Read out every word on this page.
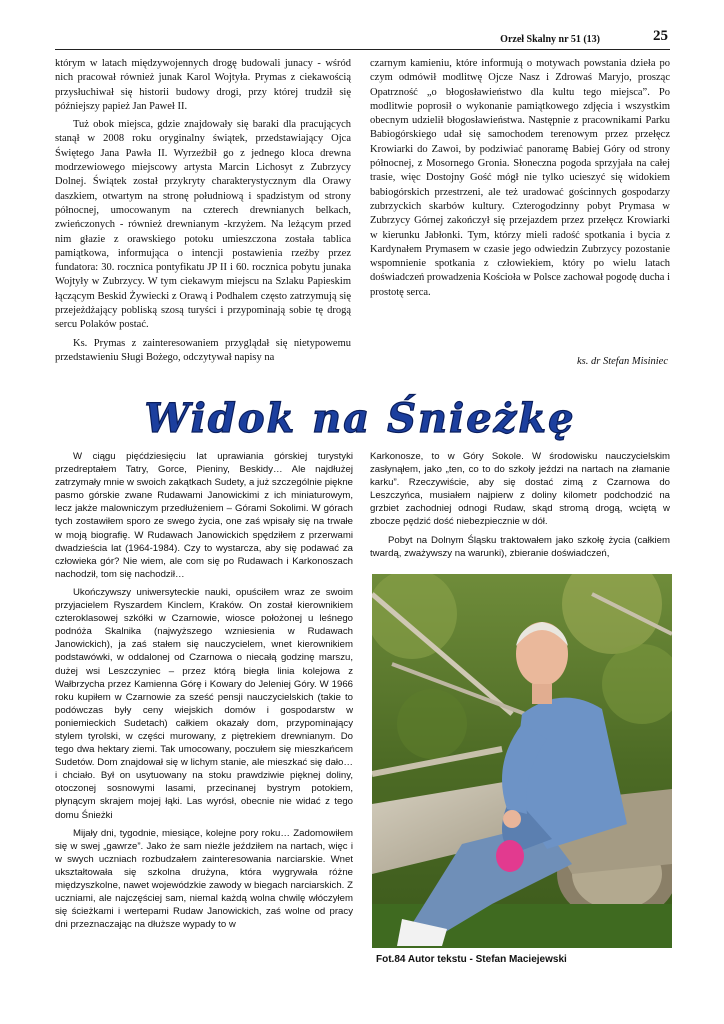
Orzeł Skalny nr 51 (13)	25

którym w latach międzywojennych drogę budowali junacy - wśród nich pracował również junak Karol Wojtyła. Prymas z ciekawością przysłuchiwał się historii budowy drogi, przy której trudził się późniejszy papież Jan Paweł II.

Tuż obok miejsca, gdzie znajdowały się baraki dla pracujących stanął w 2008 roku oryginalny świątek, przedstawiający Ojca Świętego Jana Pawła II. Wyrzeźbił go z jednego kloca drewna modrzewiowego miejscowy artysta Marcin Lichosyt z Zubrzycy Dolnej. Świątek został przykryty charakterystycznym dla Orawy daszkiem, otwartym na stronę południową i spadzistym od strony północnej, umocowanym na czterech drewnianych belkach, zwieńczonych - również drewnianym -krzyżem. Na leżącym przed nim głazie z orawskiego potoku umieszczona została tablica pamiątkowa, informująca o intencji postawienia rzeźby przez fundatora: 30. rocznica pontyfikatu JP II i 60. rocznica pobytu junaka Wojtyły w Zubrzycy. W tym ciekawym miejscu na Szlaku Papieskim łączącym Beskid Żywiecki z Orawą i Podhalem często zatrzymują się przejeżdżający pobliską szosą turyści i przypominają sobie tę drogą sercu Polaków postać.

Ks. Prymas z zainteresowaniem przyglądał się nietypowemu przedstawieniu Sługi Bożego, odczytywał napisy na

czarnym kamieniu, które informują o motywach powstania dzieła po czym odmówił modlitwę Ojcze Nasz i Zdrowaś Maryjo, prosząc Opatrzność „o błogosławieństwo dla kultu tego miejsca”. Po modlitwie poprosił o wykonanie pamiątkowego zdjęcia i wszystkim obecnym udzielił błogosławieństwa. Następnie z pracownikami Parku Babiogórskiego udał się samochodem terenowym przez przełęcz Krowiarki do Zawoi, by podziwiać panoramę Babiej Góry od strony północnej, z Mosornego Gronia. Słoneczna pogoda sprzyjała na całej trasie, więc Dostojny Gość mógł nie tylko ucieszyć się widokiem babiogórskich przestrzeni, ale też uradować gościnnych gospodarzy zubrzyckich skarbów kultury. Czterogodzinny pobyt Prymasa w Zubrzycy Górnej zakończył się przejazdem przez przełęcz Krowiarki w kierunku Jabłonki. Tym, którzy mieli radość spotkania i bycia z Kardynałem Prymasem w czasie jego odwiedzin Zubrzycy pozostanie wspomnienie spotkania z człowiekiem, który po wielu latach doświadczeń prowadzenia Kościoła w Polsce zachował pogodę ducha i prostotę serca.

ks. dr Stefan Misiniec
Widok na Śnieżkę

W ciągu pięćdziesięciu lat uprawiania górskiej turystyki przedreptałem Tatry, Gorce, Pieniny, Beskidy… Ale najdłużej zatrzymały mnie w swoich zakątkach Sudety, a już szczególnie piękne pasmo górskie zwane Rudawami Janowickimi z ich miniaturowym, lecz jakże malowniczym przedłużeniem – Górami Sokolimi. W górach tych zostawiłem sporo ze swego życia, one zaś wpisały się na trwałe w moją biografię. W Rudawach Janowickich spędziłem z przerwami dwadzieścia lat (1964-1984). Czy to wystarcza, aby się podawać za człowieka gór? Nie wiem, ale com się po Rudawach i Karkonoszach nachodził, tom się nachodził…

Ukończywszy uniwersyteckie nauki, opuściłem wraz ze swoim przyjacielem Ryszardem Kinclem, Kraków. On został kierownikiem czteroklasowej szkółki w Czarnowie, wiosce położonej u leśnego podnóża Skalnika (najwyższego wzniesienia w Rudawach Janowickich), ja zaś stałem się nauczycielem, wnet kierownikiem podstawówki, w oddalonej od Czarnowa o niecałą godzinę marszu, dużej wsi Leszczyniec – przez którą biegła linia kolejowa z Wałbrzycha przez Kamienna Górę i Kowary do Jeleniej Góry. W 1966 roku kupiłem w Czarnowie za sześć pensji nauczycielskich (takie to podówczas były ceny wiejskich domów i gospodarstw w poniemieckich Sudetach) całkiem okazały dom, przypominający stylem tyrolski, w części murowany, z piętrekiem drewnianym. Do tego dwa hektary ziemi. Tak umocowany, poczułem się mieszkańcem Sudetów. Dom znajdował się w lichym stanie, ale mieszkać się dało… i chciało. Był on usytuowany na stoku prawdziwie pięknej doliny, otoczonej sosnowymi lasami, przecinanej bystrym potokiem, płynącym skrajem mojej łąki. Las wyrósł, obecnie nie widać z tego domu Śnieżki

Mijały dni, tygodnie, miesiące, kolejne pory roku… Zadomowiłem się w swej „gawrze”. Jako że sam nieźle jeździłem na nartach, więc i w swych uczniach rozbudzałem zainteresowania narciarskie. Wnet ukształtowała się szkolna drużyna, która wygrywała różne międzyszkolne, nawet wojewódzkie zawody w biegach narciarskich. Z uczniami, ale najczęściej sam, niemal każdą wolna chwilę włóczyłem się ścieżkami i wertepami Rudaw Janowickich, zaś wolne od pracy dni przeznaczając na dłuższe wypady to w

Karkonosze, to w Góry Sokole. W środowisku nauczycielskim zasłynąłem, jako „ten, co to do szkoły jeździ na nartach na złamanie karku”. Rzeczywiście, aby się dostać zimą z Czarnowa do Leszczyńca, musiałem najpierw z doliny kilometr podchodzić na grzbiet zachodniej odnogi Rudaw, skąd stromą drogą, wciętą w zbocze pędzić dość niebezpiecznie w dół.

Pobyt na Dolnym Śląsku traktowałem jako szkołę życia (całkiem twardą, zważywszy na warunki), zbieranie doświadczeń,

Fot.84 Autor tekstu - Stefan Maciejewski
